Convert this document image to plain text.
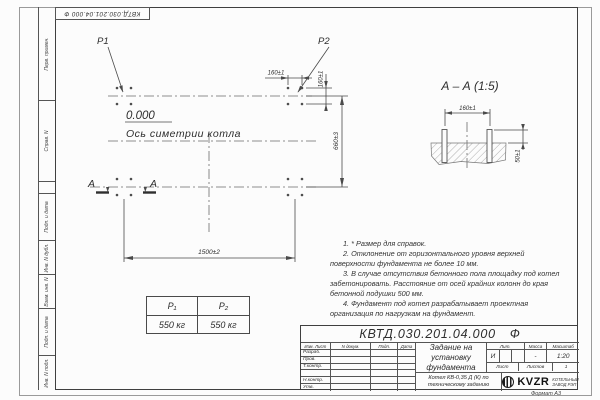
Перв. примен.
Справ. N
Подп. и дата
Инв. N дубл.
Взам. инв. N
Подп. и дата
Инв. N подл.
КВТД.030.201.04.000 Ф
P1	P2
0.000
Ось симетрии котла
1500±2
660±3
160±1	160±1
А	А
А – А (1:5)
160±1
50±1

1. * Размер для справок.

2. Отклонение от горизонтального уровня верхней поверхности фундамента не более 10 мм.

3. В случае отсутствия бетонного пола площадку под котел забетонировать. Расстояние от осей крайних колонн до края бетонной подушки 500 мм.

4. Фундамент под котел разрабатывает проектная организация по нагрузкам на фундамент.

P₁	P₂
550 кг	550 кг
КВТД.030.201.04.000 Ф
Изм. Лист	N докум.	Подп.	Дата
Разраб.
Пров.
Т.контр.
Н.контр.
Утв.
Задание на установку фундамента
Лит.	Масса	Масштаб
И	-	1:20
Лист	Листов	1
Котел КВ-0,35 Д (К) по техническому заданию	KVZR КОТЕЛЬНЫЙ
ЗАВОД РЭП
Формат А3
